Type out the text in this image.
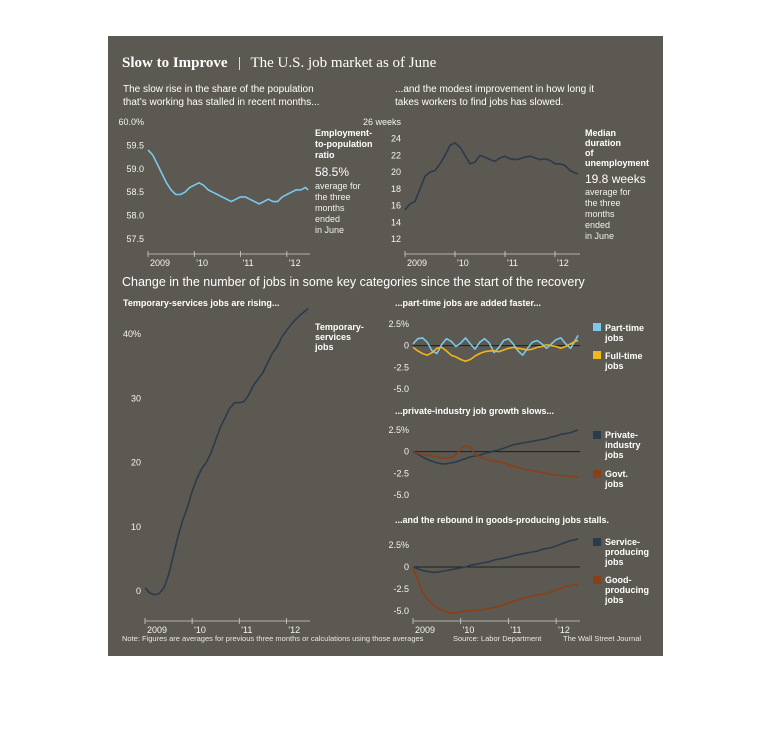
Slow to Improve | The U.S. job market as of June
The slow rise in the share of the population
that’s working has stalled in recent months...
...and the modest improvement in how long it
takes workers to find jobs has slowed.
60.0%
59.5
59.0
58.5
58.0
57.5
2009	'10	'11	'12
Employment-
to-population
ratio
58.5%
average for
the three
months
ended
in June
26 weeks
24
22
20
18
16
14
12
2009	'10	'11	'12
Median
duration
of
unemployment
19.8 weeks
average for
the three
months
ended
in June
Change in the number of jobs in some key categories since the start of the recovery
Temporary-services jobs are rising...
40%
30
20
10
0
2009	'10	'11	'12
Temporary-
services
jobs
...part-time jobs are added faster...
2.5%
0
-2.5
-5.0
Part-time
jobs
Full-time
jobs
...private-industry job growth slows...
2.5%
0
-2.5
-5.0
Private-
industry
jobs
Govt.
jobs
...and the rebound in goods-producing jobs stalls.
2.5%
0
-2.5
-5.0
2009	'10	'11	'12
Service-
producing
jobs
Good-
producing
jobs
Note: Figures are averages for previous three months or calculations using those averages	Source: Labor Department	The Wall Street Journal
